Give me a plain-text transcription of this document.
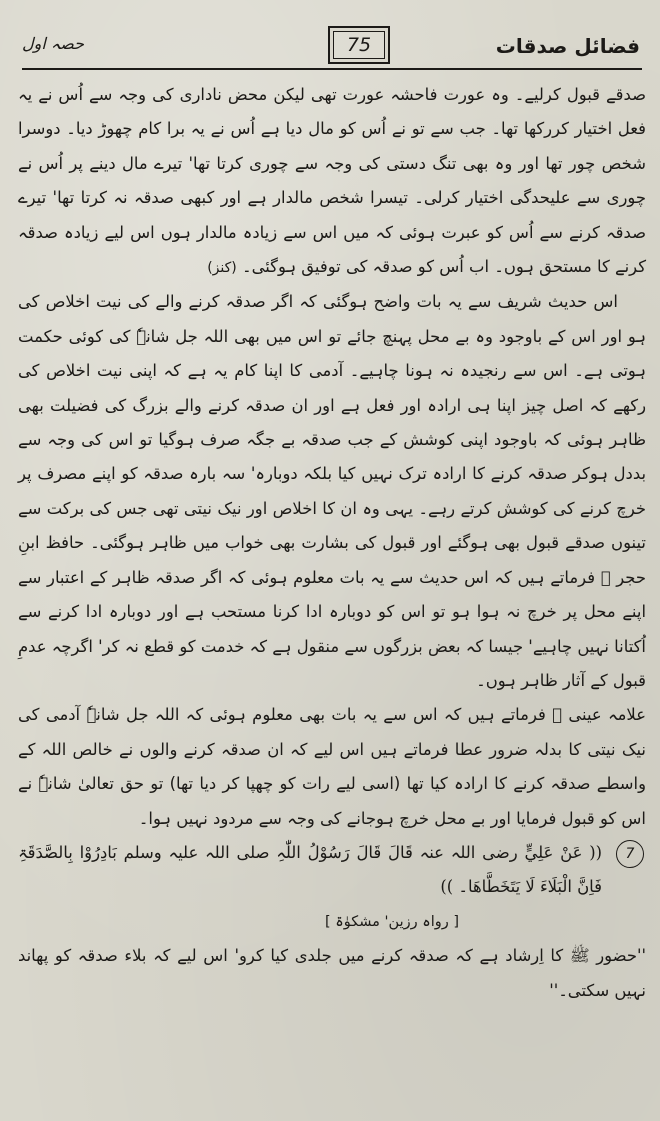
فضائل صدقات
75
حصہ اول

صدقے قبول کرلیے۔ وہ عورت فاحشہ عورت تھی لیکن محض ناداری کی وجہ سے اُس نے یہ فعل اختیار کررکھا تھا۔ جب سے تو نے اُس کو مال دیا ہے اُس نے یہ برا کام چھوڑ دیا۔ دوسرا شخص چور تھا اور وہ بھی تنگ دستی کی وجہ سے چوری کرتا تھا' تیرے مال دینے پر اُس نے چوری سے علیحدگی اختیار کرلی۔ تیسرا شخص مالدار ہے اور کبھی صدقہ نہ کرتا تھا' تیرے صدقہ کرنے سے اُس کو عبرت ہوئی کہ میں اس سے زیادہ مالدار ہوں اس لیے زیادہ صدقہ کرنے کا مستحق ہوں۔ اب اُس کو صدقہ کی توفیق ہوگئی۔ (کنز)

اس حدیث شریف سے یہ بات واضح ہوگئی کہ اگر صدقہ کرنے والے کی نیت اخلاص کی ہو اور اس کے باوجود وہ بے محل پہنچ جائے تو اس میں بھی اللہ جل شانہٗ کی کوئی حکمت ہوتی ہے۔ اس سے رنجیدہ نہ ہونا چاہیے۔ آدمی کا اپنا کام یہ ہے کہ اپنی نیت اخلاص کی رکھے کہ اصل چیز اپنا ہی ارادہ اور فعل ہے اور ان صدقہ کرنے والے بزرگ کی فضیلت بھی ظاہر ہوئی کہ باوجود اپنی کوشش کے جب صدقہ بے جگہ صرف ہوگیا تو اس کی وجہ سے بددل ہوکر صدقہ کرنے کا ارادہ ترک نہیں کیا بلکہ دوبارہ' سہ بارہ صدقہ کو اپنے مصرف پر خرچ کرنے کی کوشش کرتے رہے۔ یہی وہ ان کا اخلاص اور نیک نیتی تھی جس کی برکت سے تینوں صدقے قبول بھی ہوگئے اور قبول کی بشارت بھی خواب میں ظاہر ہوگئی۔ حافظ ابنِ حجر ﷫ فرماتے ہیں کہ اس حدیث سے یہ بات معلوم ہوئی کہ اگر صدقہ ظاہر کے اعتبار سے اپنے محل پر خرچ نہ ہوا ہو تو اس کو دوبارہ ادا کرنا مستحب ہے اور دوبارہ ادا کرنے سے اُکتانا نہیں چاہیے' جیسا کہ بعض بزرگوں سے منقول ہے کہ خدمت کو قطع نہ کر' اگرچہ عدمِ قبول کے آثار ظاہر ہوں۔

علامہ عینی ﷫ فرماتے ہیں کہ اس سے یہ بات بھی معلوم ہوئی کہ اللہ جل شانہٗ آدمی کی نیک نیتی کا بدلہ ضرور عطا فرماتے ہیں اس لیے کہ ان صدقہ کرنے والوں نے خالص اللہ کے واسطے صدقہ کرنے کا ارادہ کیا تھا (اسی لیے رات کو چھپا کر دیا تھا) تو حق تعالیٰ شانہٗ نے اس کو قبول فرمایا اور بے محل خرچ ہوجانے کی وجہ سے مردود نہیں ہوا۔

7

(( عَنْ عَلِيٍّ رضی اللہ عنہ قَالَ قَالَ رَسُوْلُ اللّٰہِ صلی اللہ علیہ وسلم بَادِرُوْا بِالصَّدَقَۃِ فَاِنَّ الْبَلَاءَ لَا یَتَخَطَّاھَا۔ ))

[ رواہ رزین' مشکوٰۃ ]

''حضور ﷺ کا اِرشاد ہے کہ صدقہ کرنے میں جلدی کیا کرو' اس لیے کہ بلاء صدقہ کو پھاند نہیں سکتی۔''
